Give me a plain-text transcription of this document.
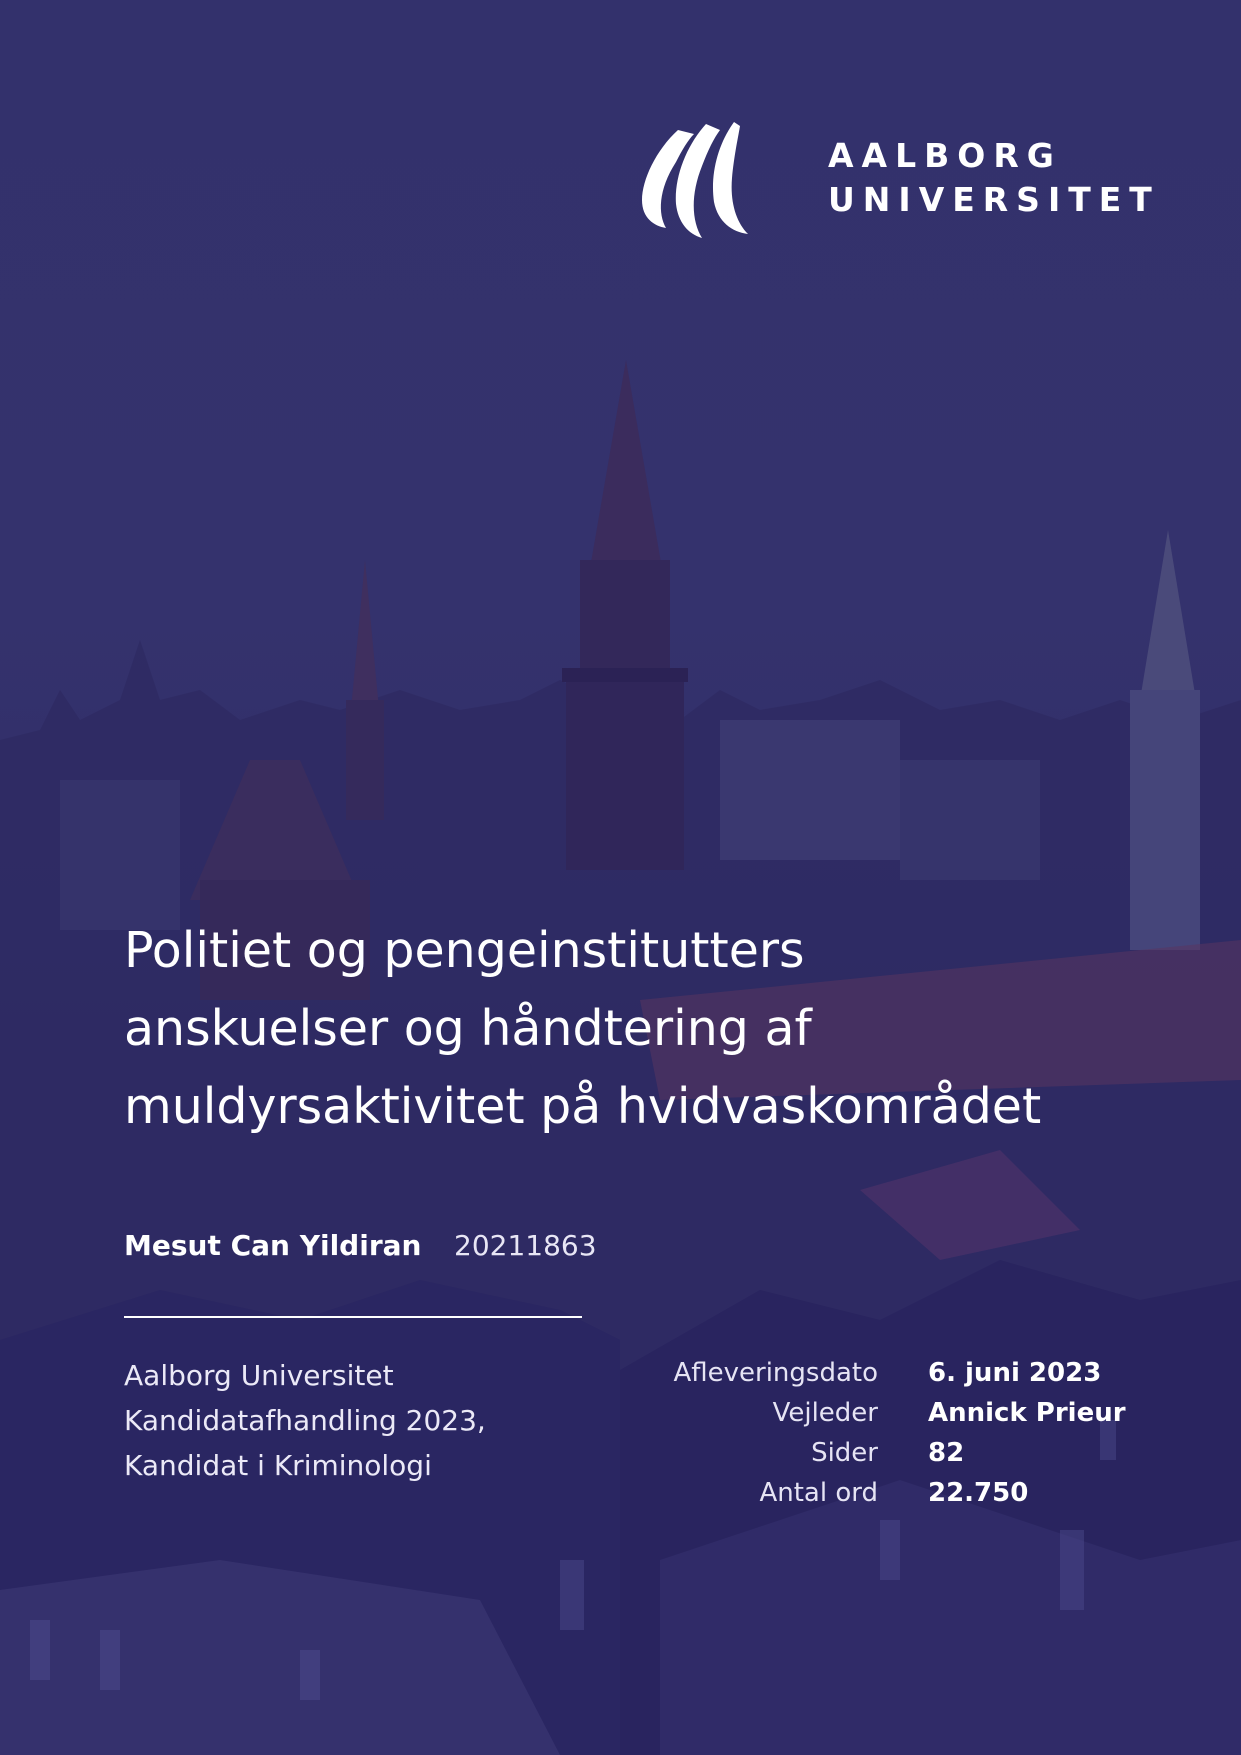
AALBORG
UNIVERSITET
Politiet og pengeinstitutters
anskuelser og håndtering af
muldyrsaktivitet på hvidvaskområdet
Mesut Can Yildiran 20211863
Aalborg Universitet
Kandidatafhandling 2023,
Kandidat i Kriminologi
Afleveringsdato 6. juni 2023
Vejleder Annick Prieur
Sider 82
Antal ord 22.750
